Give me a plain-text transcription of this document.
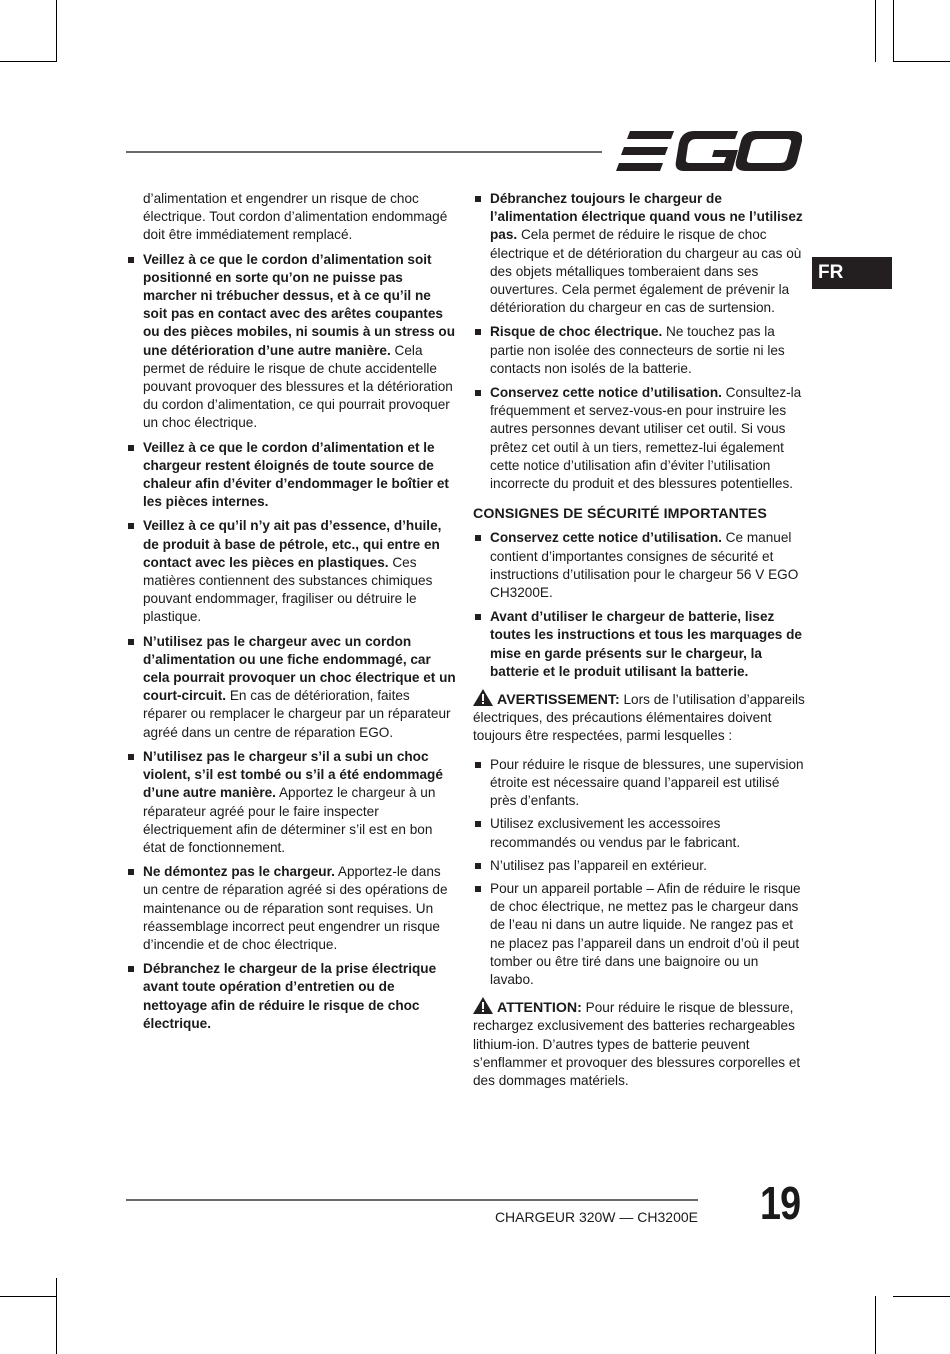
FR

d’alimentation et engendrer un risque de choc électrique. Tout cordon d’alimentation endommagé doit être immédiatement remplacé.

Veillez à ce que le cordon d’alimentation soit positionné en sorte qu’on ne puisse pas marcher ni trébucher dessus, et à ce qu’il ne soit pas en contact avec des arêtes coupantes ou des pièces mobiles, ni soumis à un stress ou une détérioration d’une autre manière. Cela permet de réduire le risque de chute accidentelle pouvant provoquer des blessures et la détérioration du cordon d’alimentation, ce qui pourrait provoquer un choc électrique.
Veillez à ce que le cordon d’alimentation et le chargeur restent éloignés de toute source de chaleur afin d’éviter d’endommager le boîtier et les pièces internes.
Veillez à ce qu’il n’y ait pas d’essence, d’huile, de produit à base de pétrole, etc., qui entre en contact avec les pièces en plastiques. Ces matières contiennent des substances chimiques pouvant endommager, fragiliser ou détruire le plastique.
N’utilisez pas le chargeur avec un cordon d’alimentation ou une fiche endommagé, car cela pourrait provoquer un choc électrique et un court-circuit. En cas de détérioration, faites réparer ou remplacer le chargeur par un réparateur agréé dans un centre de réparation EGO.
N’utilisez pas le chargeur s’il a subi un choc violent, s’il est tombé ou s’il a été endommagé d’une autre manière. Apportez le chargeur à un réparateur agréé pour le faire inspecter électriquement afin de déterminer s’il est en bon état de fonctionnement.
Ne démontez pas le chargeur. Apportez-le dans un centre de réparation agréé si des opérations de maintenance ou de réparation sont requises. Un réassemblage incorrect peut engendrer un risque d’incendie et de choc électrique.
Débranchez le chargeur de la prise électrique avant toute opération d’entretien ou de nettoyage afin de réduire le risque de choc électrique.
Débranchez toujours le chargeur de l’alimentation électrique quand vous ne l’utilisez pas. Cela permet de réduire le risque de choc électrique et de détérioration du chargeur au cas où des objets métalliques tomberaient dans ses ouvertures. Cela permet également de prévenir la détérioration du chargeur en cas de surtension.
Risque de choc électrique. Ne touchez pas la partie non isolée des connecteurs de sortie ni les contacts non isolés de la batterie.
Conservez cette notice d’utilisation. Consultez-la fréquemment et servez-vous-en pour instruire les autres personnes devant utiliser cet outil. Si vous prêtez cet outil à un tiers, remettez-lui également cette notice d’utilisation afin d’éviter l’utilisation incorrecte du produit et des blessures potentielles.
CONSIGNES DE SÉCURITÉ IMPORTANTES
Conservez cette notice d’utilisation. Ce manuel contient d’importantes consignes de sécurité et instructions d’utilisation pour le chargeur 56 V EGO CH3200E.
Avant d’utiliser le chargeur de batterie, lisez toutes les instructions et tous les marquages de mise en garde présents sur le chargeur, la batterie et le produit utilisant la batterie.
AVERTISSEMENT: Lors de l’utilisation d’appareils électriques, des précautions élémentaires doivent toujours être respectées, parmi lesquelles :
Pour réduire le risque de blessures, une supervision étroite est nécessaire quand l’appareil est utilisé près d’enfants.
Utilisez exclusivement les accessoires recommandés ou vendus par le fabricant.
N’utilisez pas l’appareil en extérieur.
Pour un appareil portable – Afin de réduire le risque de choc électrique, ne mettez pas le chargeur dans de l’eau ni dans un autre liquide. Ne rangez pas et ne placez pas l’appareil dans un endroit d’où il peut tomber ou être tiré dans une baignoire ou un lavabo.
ATTENTION: Pour réduire le risque de blessure, rechargez exclusivement des batteries rechargeables lithium-ion. D’autres types de batterie peuvent s’enflammer et provoquer des blessures corporelles et des dommages matériels.
CHARGEUR 320W — CH3200E 19
